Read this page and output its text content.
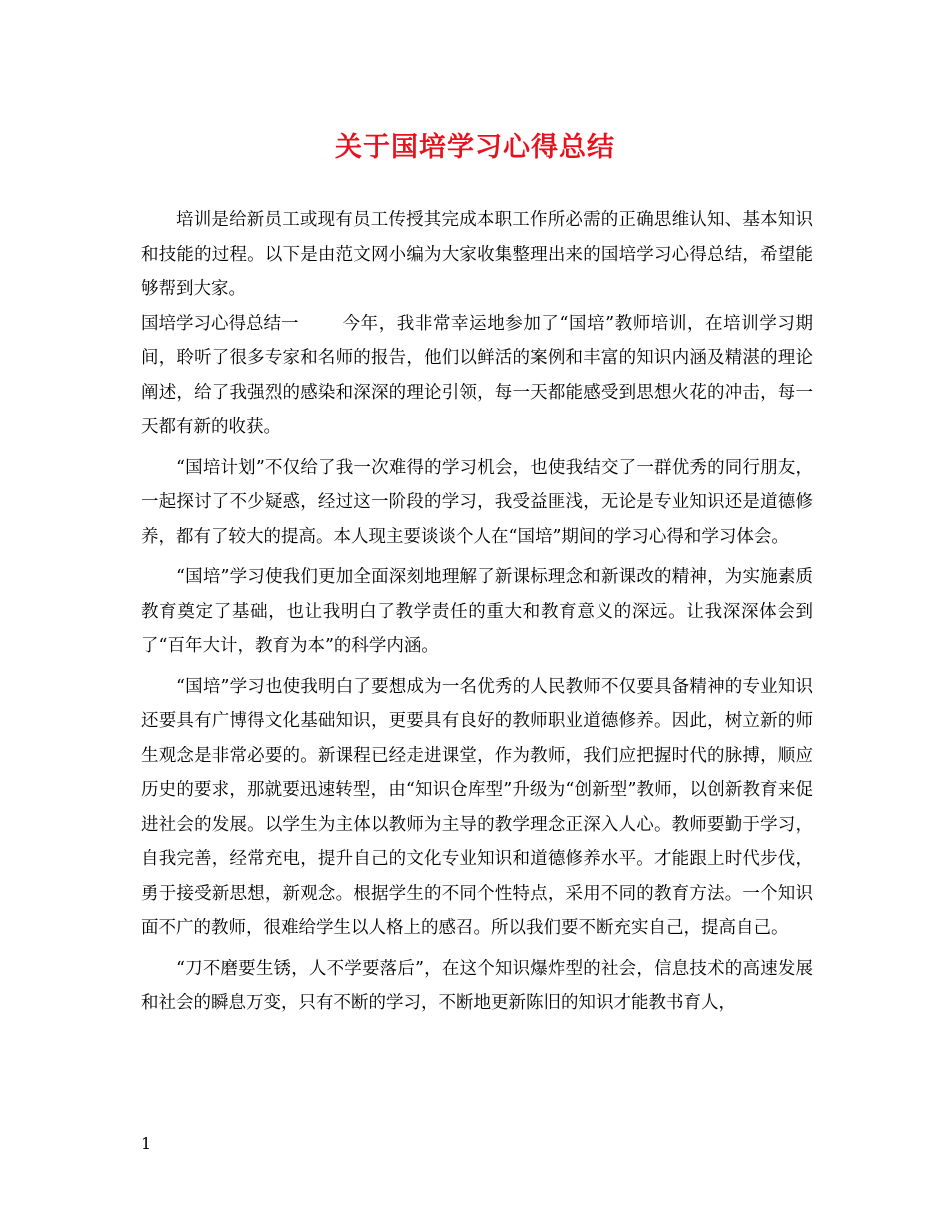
关于国培学习心得总结

培训是给新员工或现有员工传授其完成本职工作所必需的正确思维认知、基本知识和技能的过程。以下是由范文网小编为大家收集整理出来的国培学习心得总结，希望能够帮到大家。

国培学习心得总结一 今年，我非常幸运地参加了“国培”教师培训，在培训学习期间，聆听了很多专家和名师的报告，他们以鲜活的案例和丰富的知识内涵及精湛的理论阐述，给了我强烈的感染和深深的理论引领，每一天都能感受到思想火花的冲击，每一天都有新的收获。

“国培计划”不仅给了我一次难得的学习机会，也使我结交了一群优秀的同行朋友，一起探讨了不少疑惑，经过这一阶段的学习，我受益匪浅，无论是专业知识还是道德修养，都有了较大的提高。本人现主要谈谈个人在“国培”期间的学习心得和学习体会。

“国培”学习使我们更加全面深刻地理解了新课标理念和新课改的精神，为实施素质教育奠定了基础，也让我明白了教学责任的重大和教育意义的深远。让我深深体会到了“百年大计，教育为本”的科学内涵。

“国培”学习也使我明白了要想成为一名优秀的人民教师不仅要具备精神的专业知识还要具有广博得文化基础知识，更要具有良好的教师职业道德修养。因此，树立新的师生观念是非常必要的。新课程已经走进课堂，作为教师，我们应把握时代的脉搏，顺应历史的要求，那就要迅速转型，由“知识仓库型”升级为“创新型”教师，以创新教育来促进社会的发展。以学生为主体以教师为主导的教学理念正深入人心。教师要勤于学习，自我完善，经常充电，提升自己的文化专业知识和道德修养水平。才能跟上时代步伐，勇于接受新思想，新观念。根据学生的不同个性特点，采用不同的教育方法。一个知识面不广的教师，很难给学生以人格上的感召。所以我们要不断充实自己，提高自己。

“刀不磨要生锈，人不学要落后”，在这个知识爆炸型的社会，信息技术的高速发展和社会的瞬息万变，只有不断的学习，不断地更新陈旧的知识才能教书育人，

1
